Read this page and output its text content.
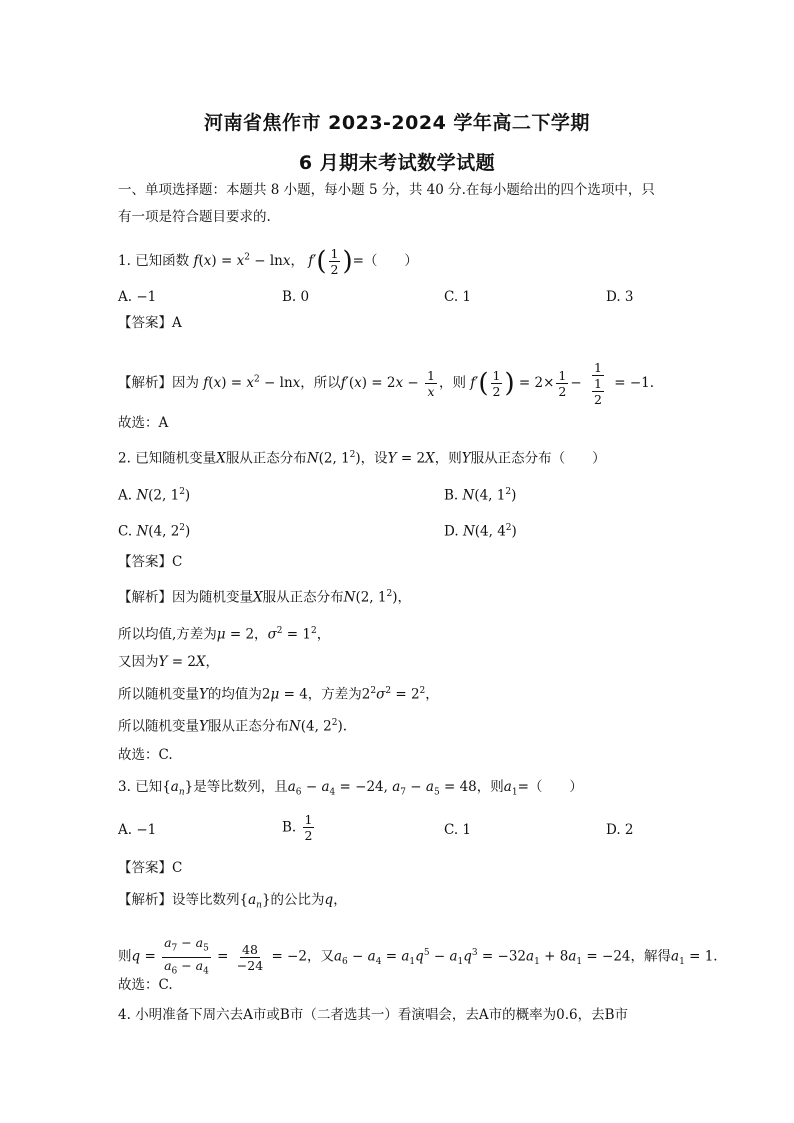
河南省焦作市 2023-2024 学年高二下学期
6 月期末考试数学试题
一、单项选择题：本题共 8 小题，每小题 5 分，共 40 分.在每小题给出的四个选项中，只
有一项是符合题目要求的.
1. 已知函数 $f(x) = x^2 - \ln x$， $f'( \frac{1}{2}$ )=（　　）
A. −1	B. 0	C. 1	D. 3
【答案】A
【解析】因为 $f(x) = x^2 - \ln x$，所以$f'(x) = 2x - \frac{1}{x}$ ，则 $f'( \frac{1}{2}$ ) = $2\times \frac{1}{2} - \frac{1}{\frac{1}{2}} = -1$.
故选：A
2. 已知随机变量X服从正态分布N(2, $1^2$)，设Y = 2X，则Y服从正态分布（　　）
A. N(2, $1^2$)	B. N(4, $1^2$)
C. N(4, $2^2$)	D. N(4, $4^2$)
【答案】C
【解析】因为随机变量X服从正态分布N(2, $1^2$)，
所以均值,方差为μ = 2，$\sigma^2 = 1^2$，
又因为Y = 2X，
所以随机变量Y的均值为2μ = 4，方差为$2^2\sigma^2 = 2^2$，
所以随机变量Y服从正态分布N(4, $2^2$).
故选：C.
3. 已知$\{a_n\}$是等比数列，且$a_6 - a_4 = -24$, $a_7 - a_5 = 48$，则$a_1=$（　　）
A. −1	B. $\frac{1}{2}$	C. 1	D. 2
【答案】C
【解析】设等比数列$\{a_n\}$的公比为q，
则$q = \frac{a_7 - a_5}{a_6 - a_4} = \frac{48}{-24} = -2$，又$a_6 - a_4 = a_1q^5 - a_1q^3 = -32a_1 + 8a_1 = -24$，解得$a_1 = 1$.
故选：C.
4. 小明准备下周六去A市或B市（二者选其一）看演唱会，去A市的概率为0.6，去B市
